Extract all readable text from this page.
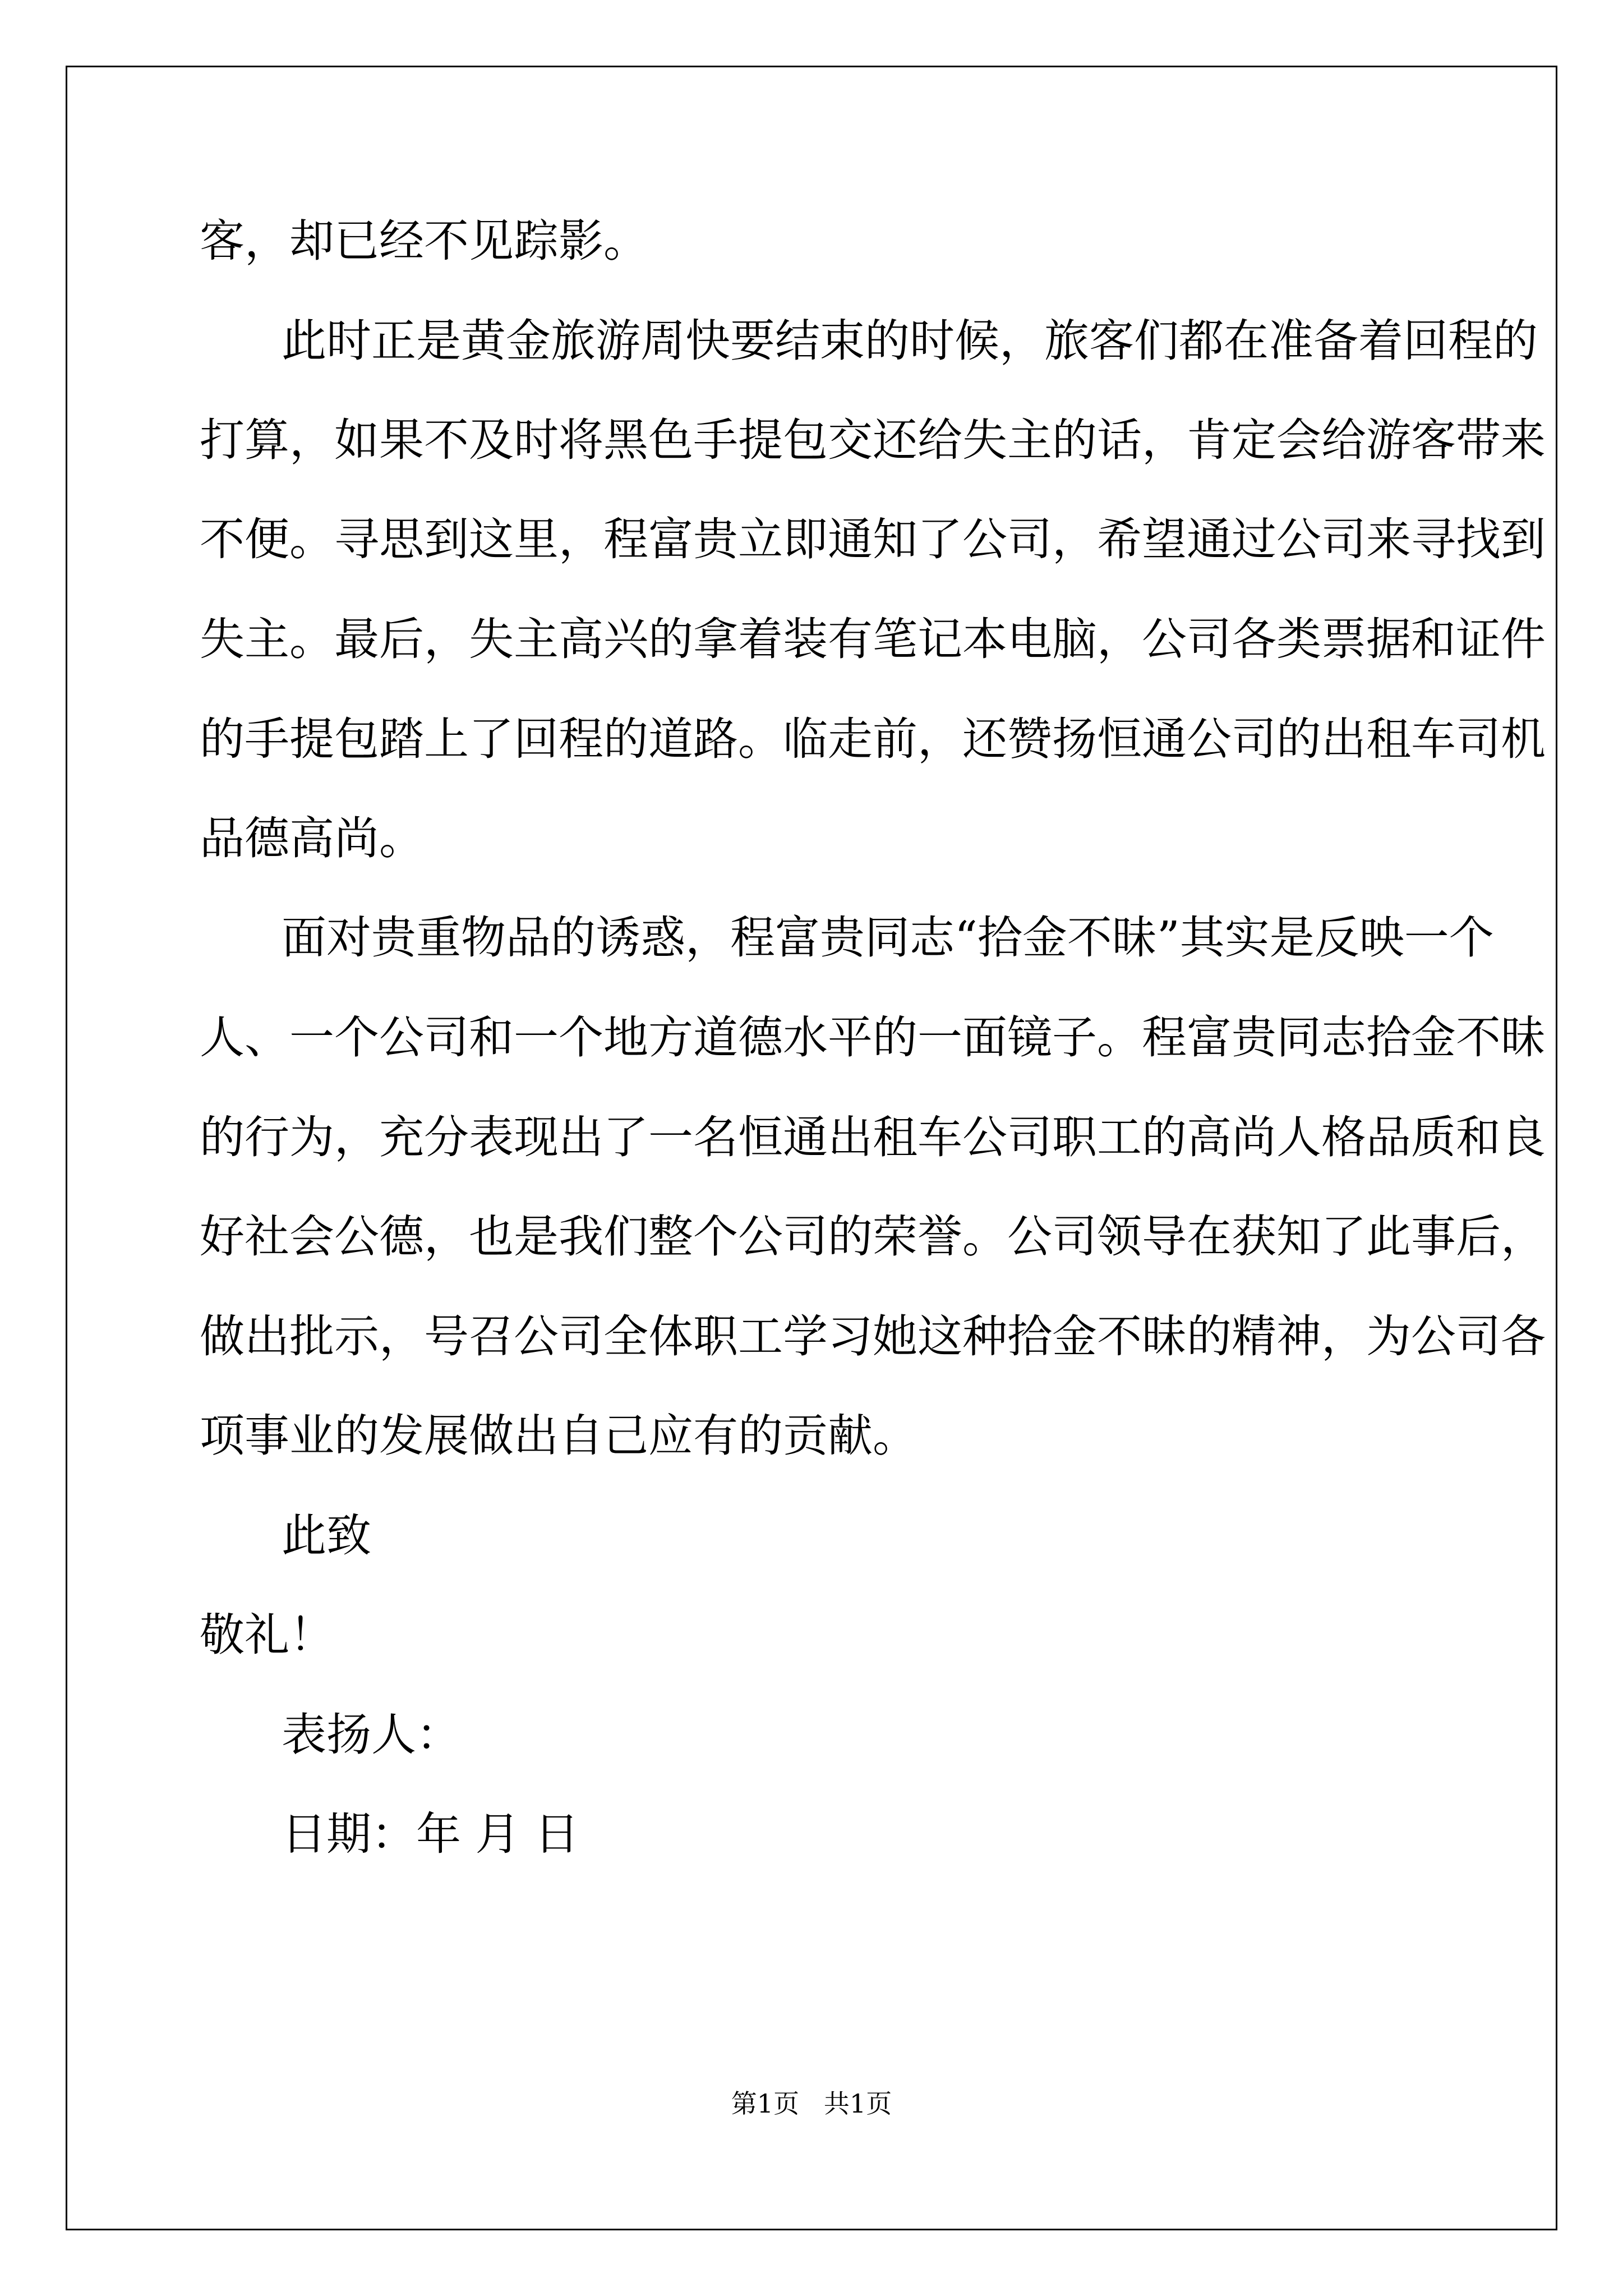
客，却已经不见踪影。
此时正是黄金旅游周快要结束的时候，旅客们都在准备着回程的
打算，如果不及时将黑色手提包交还给失主的话，肯定会给游客带来
不便。寻思到这里，程富贵立即通知了公司，希望通过公司来寻找到
失主。最后，失主高兴的拿着装有笔记本电脑，公司各类票据和证件
的手提包踏上了回程的道路。临走前，还赞扬恒通公司的出租车司机
品德高尚。
面对贵重物品的诱惑，程富贵同志“拾金不昧”其实是反映一个
人、一个公司和一个地方道德水平的一面镜子。程富贵同志拾金不昧
的行为，充分表现出了一名恒通出租车公司职工的高尚人格品质和良
好社会公德，也是我们整个公司的荣誉。公司领导在获知了此事后，
做出批示，号召公司全体职工学习她这种拾金不昧的精神，为公司各
项事业的发展做出自己应有的贡献。
此致
敬礼！
表扬人：
日期：年 月 日
第1页   共1页
